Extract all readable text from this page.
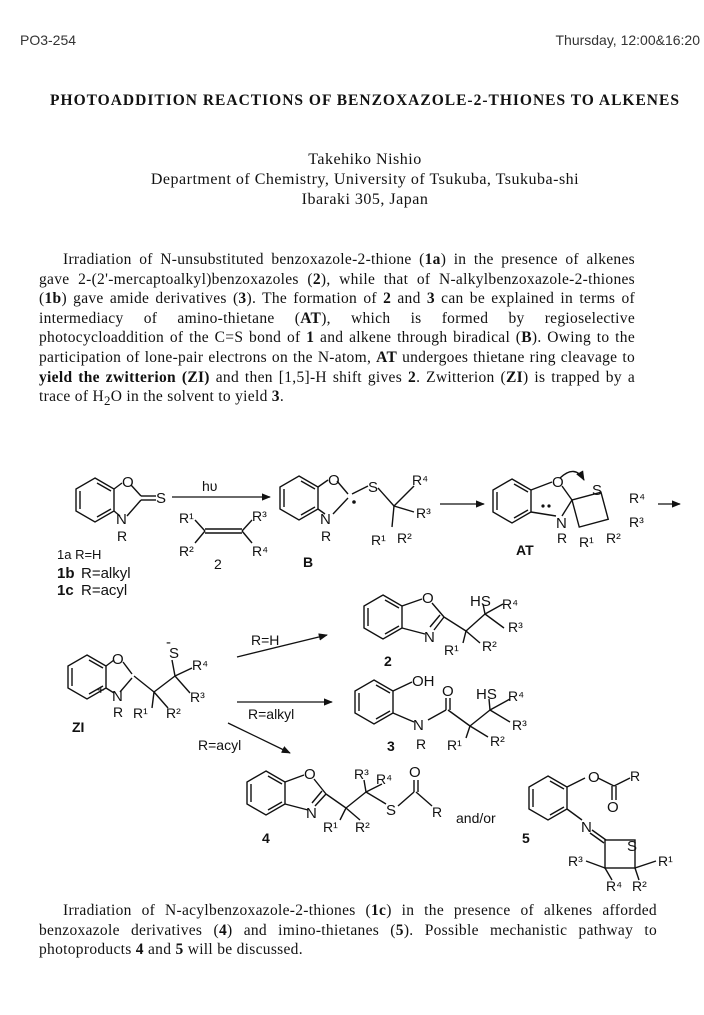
PO3-254	Thursday, 12:00&16:20
PHOTOADDITION REACTIONS OF BENZOXAZOLE-2-THIONES TO ALKENES
Takehiko Nishio
Department of Chemistry, University of Tsukuba, Tsukuba-shi
Ibaraki 305, Japan
Irradiation of N-unsubstituted benzoxazole-2-thione (1a) in the presence of alkenes gave 2-(2'-mercaptoalkyl)benzoxazoles (2), while that of N-alkylbenzoxazole-2-thiones (1b) gave amide derivatives (3). The formation of 2 and 3 can be explained in terms of intermediacy of amino-thietane (AT), which is formed by regioselective photocycloaddition of the C=S bond of 1 and alkene through biradical (B). Owing to the participation of lone-pair electrons on the N-atom, AT undergoes thietane ring cleavage to yield the zwitterion (ZI) and then [1,5]-H shift gives 2. Zwitterion (ZI) is trapped by a trace of $H_2O$ in the solvent to yield 3.
O
S
N
R
1a R=H
1b R=alkyl
1c R=acyl
hυ
R¹	R³
R²	R⁴
2
O S
N
R
R⁴
R³
R¹ R²
B
O S
N
R
R⁴
R³
R¹ R²
AT
O	S
-
+ N
R
R⁴
R³
R¹ R²
ZI
R=H
R=alkyl
R=acyl
O
N
HS R⁴
R³
R¹ R²
2
OH
N
R
O HS R⁴
R³
R¹ R²
3
O
N
R³ R⁴ O
S	R
R¹ R²
4
and/or
O R
O
N
S
R³	R¹
R⁴ R²
5
Irradiation of N-acylbenzoxazole-2-thiones (1c) in the presence of alkenes afforded benzoxazole derivatives (4) and imino-thietanes (5). Possible mechanistic pathway to photoproducts 4 and 5 will be discussed.
